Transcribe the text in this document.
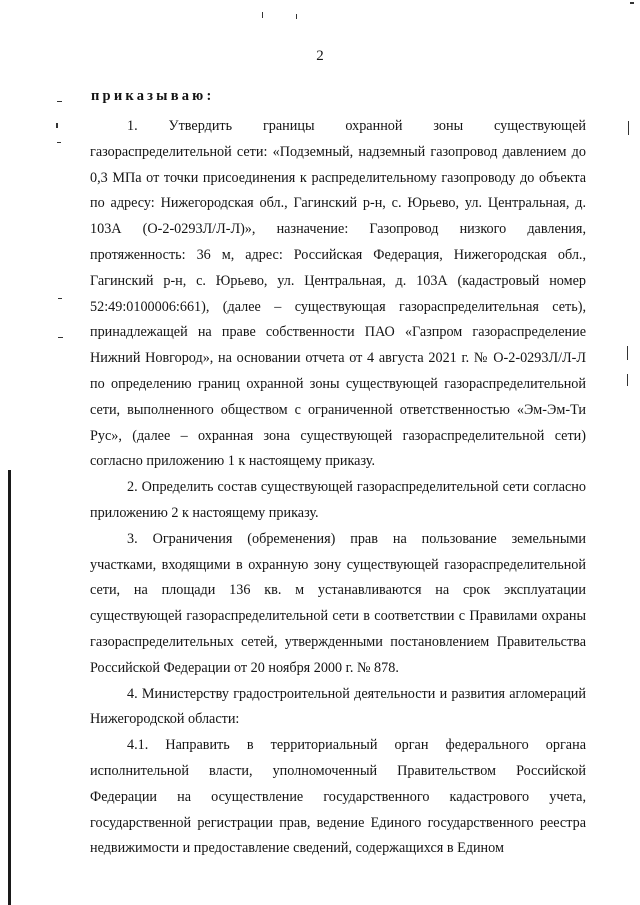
2
приказываю:

1. Утвердить границы охранной зоны существующей газораспределительной сети: «Подземный, надземный газопровод давлением до 0,3 МПа от точки присоединения к распределительному газопроводу до объекта по адресу: Нижегородская обл., Гагинский р-н, с. Юрьево, ул. Центральная, д. 103А (О-2-0293Л/Л-Л)», назначение: Газопровод низкого давления, протяженность: 36 м, адрес: Российская Федерация, Нижегородская обл., Гагинский р-н, с. Юрьево, ул. Центральная, д. 103А (кадастровый номер 52:49:0100006:661), (далее – существующая газораспределительная сеть), принадлежащей на праве собственности ПАО «Газпром газораспределение Нижний Новгород», на основании отчета от 4 августа 2021 г. № О-2-0293Л/Л-Л по определению границ охранной зоны существующей газораспределительной сети, выполненного обществом с ограниченной ответственностью «Эм-Эм-Ти Рус», (далее – охранная зона существующей газораспределительной сети) согласно приложению 1 к настоящему приказу.

2. Определить состав существующей газораспределительной сети согласно приложению 2 к настоящему приказу.

3. Ограничения (обременения) прав на пользование земельными участками, входящими в охранную зону существующей газораспределительной сети, на площади 136 кв. м устанавливаются на срок эксплуатации существующей газораспределительной сети в соответствии с Правилами охраны газораспределительных сетей, утвержденными постановлением Правительства Российской Федерации от 20 ноября 2000 г. № 878.

4. Министерству градостроительной деятельности и развития агломераций Нижегородской области:

4.1. Направить в территориальный орган федерального органа исполнительной власти, уполномоченный Правительством Российской Федерации на осуществление государственного кадастрового учета, государственной регистрации прав, ведение Единого государственного реестра недвижимости и предоставление сведений, содержащихся в Едином
